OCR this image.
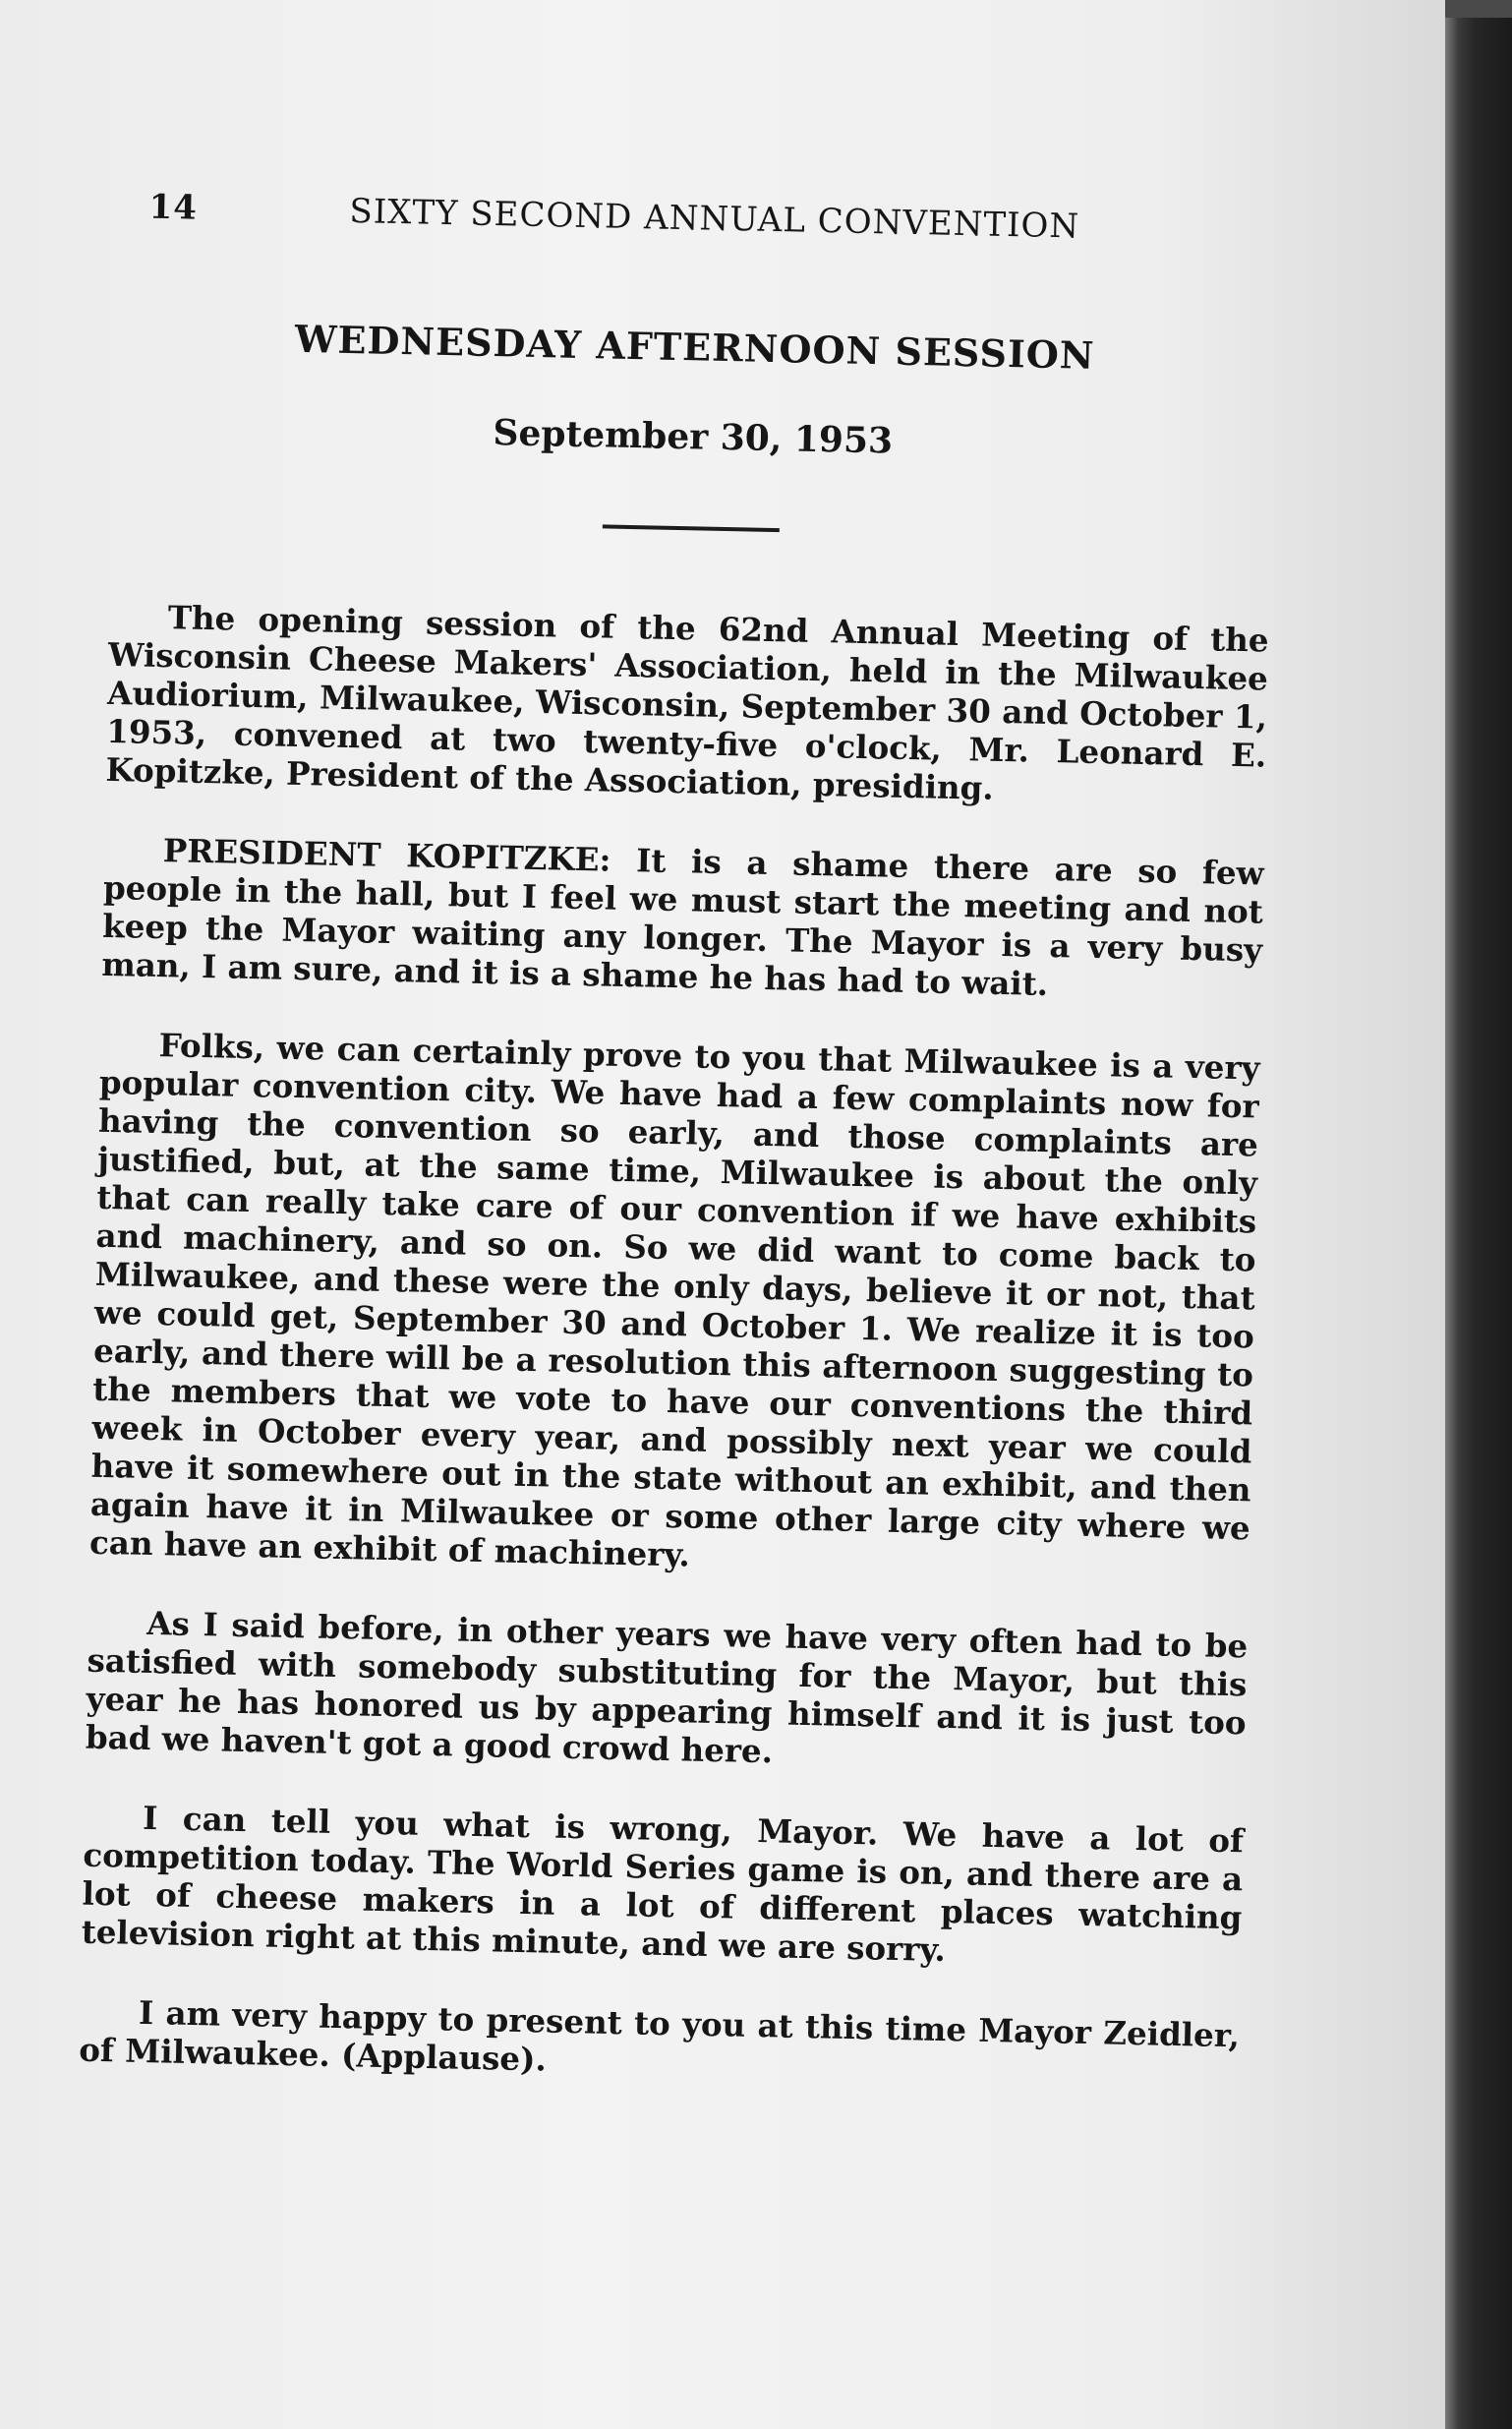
14	SIXTY SECOND ANNUAL CONVENTION
WEDNESDAY AFTERNOON SESSION
September 30, 1953

The opening session of the 62nd Annual Meeting of the Wisconsin Cheese Makers' Association, held in the Milwaukee Audiorium, Milwaukee, Wisconsin, September 30 and October 1, 1953, convened at two twenty-five o'clock, Mr. Leonard E. Kopitzke, President of the Association, presiding.

PRESIDENT KOPITZKE: It is a shame there are so few people in the hall, but I feel we must start the meeting and not keep the Mayor waiting any longer. The Mayor is a very busy man, I am sure, and it is a shame he has had to wait.

Folks, we can certainly prove to you that Milwaukee is a very popular convention city. We have had a few complaints now for having the convention so early, and those complaints are justified, but, at the same time, Milwaukee is about the only that can really take care of our convention if we have exhibits and machinery, and so on. So we did want to come back to Milwaukee, and these were the only days, believe it or not, that we could get, September 30 and October 1. We realize it is too early, and there will be a resolution this afternoon suggesting to the members that we vote to have our conventions the third week in October every year, and possibly next year we could have it somewhere out in the state without an exhibit, and then again have it in Milwaukee or some other large city where we can have an exhibit of machinery.

As I said before, in other years we have very often had to be satisfied with somebody substituting for the Mayor, but this year he has honored us by appearing himself and it is just too bad we haven't got a good crowd here.

I can tell you what is wrong, Mayor. We have a lot of competition today. The World Series game is on, and there are a lot of cheese makers in a lot of different places watching television right at this minute, and we are sorry.

I am very happy to present to you at this time Mayor Zeidler, of Milwaukee. (Applause).
